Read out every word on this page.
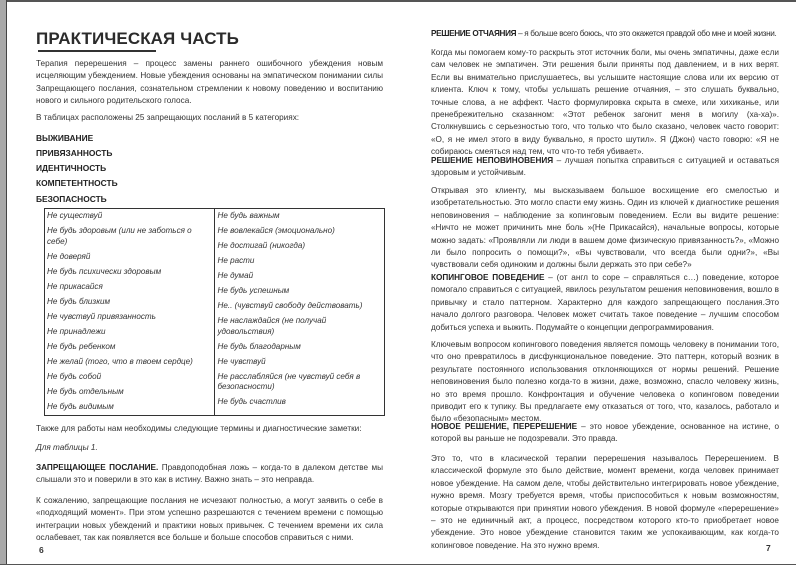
ПРАКТИЧЕСКАЯ ЧАСТЬ
Терапия перерешения – процесс замены раннего ошибочного убеждения новым исцеляющим убеждением. Новые убеждения основаны на эмпатическом понимании силы Запрещающего послания, сознательном стремлении к новому поведению и воспитанию нового и сильного родительского голоса.
В таблицах расположены 25 запрещающих посланий в 5 категориях:
ВЫЖИВАНИЕ
ПРИВЯЗАННОСТЬ
ИДЕНТИЧНОСТЬ
КОМПЕТЕНТНОСТЬ
БЕЗОПАСНОСТЬ
Не существуй
Не будь здоровым (или не заботься о себе)
Не доверяй
Не будь психически здоровым
Не прикасайся
Не будь близким
Не чувствуй привязанность
Не принадлежи
Не будь ребенком
Не желай (того, что в твоем сердце)
Не будь собой
Не будь отдельным
Не будь видимым
Не будь важным
Не вовлекайся (эмоционально)
Не достигай (никогда)
Не расти
Не думай
Не будь успешным
Не.. (чувствуй свободу действовать)
Не наслаждайся (не получай удовольствия)
Не будь благодарным
Не чувствуй
Не расслабляйся (не чувствуй себя в безопасности)
Не будь счастлив
Также для работы нам необходимы следующие термины и диагностические заметки:
Для таблицы 1.
ЗАПРЕЩАЮЩЕЕ ПОСЛАНИЕ. Правдоподобная ложь – когда-то в далеком детстве мы слышали это и поверили в это как в истину. Важно знать – это неправда.
К сожалению, запрещающие послания не исчезают полностью, а могут заявить о себе в «подходящий момент». При этом успешно разрешаются с течением времени с помощью интеграции новых убеждений и практики новых привычек. С течением времени их сила ослабевает, так как появляется все больше и больше способов справиться с ними.
6
РЕШЕНИЕ ОТЧАЯНИЯ – я больше всего боюсь, что это окажется правдой обо мне и моей жизни.
Когда мы помогаем кому-то раскрыть этот источник боли, мы очень эмпатичны, даже если сам человек не эмпатичен. Эти решения были приняты под давлением, и в них верят. Если вы внимательно прислушаетесь, вы услышите настоящие слова или их версию от клиента. Ключ к тому, чтобы услышать решение отчаяния, – это слушать буквально, точные слова, а не аффект. Часто формулировка скрыта в смехе, или хихиканье, или пренебрежительно сказанном: «Этот ребенок загонит меня в могилу (ха-ха)». Столкнувшись с серьезностью того, что только что было сказано, человек часто говорит: «О, я не имел этого в виду буквально, я просто шутил». Я (Джон) часто говорю: «Я не собираюсь смеяться над тем, что что-то тебя убивает».
РЕШЕНИЕ НЕПОВИНОВЕНИЯ – лучшая попытка справиться с ситуацией и оставаться здоровым и устойчивым.
Открывая это клиенту, мы высказываем большое восхищение его смелостью и изобретательностью. Это могло спасти ему жизнь. Один из ключей к диагностике решения неповиновения – наблюдение за копинговым поведением. Если вы видите решение: «Ничто не может причинить мне боль »(Не Прикасайся), начальные вопросы, которые можно задать: «Проявляли ли люди в вашем доме физическую привязанность?», «Можно ли было попросить о помощи?», «Вы чувствовали, что всегда были одни?», «Вы чувствовали себя одиноким и должны были держать это при себе?»
КОПИНГОВОЕ ПОВЕДЕНИЕ – (от англ to cope – справляться с…) поведение, которое помогало справиться с ситуацией, явилось результатом решения неповиновения, вошло в привычку и стало паттерном. Характерно для каждого запрещающего послания.Это начало долгого разговора. Человек может считать такое поведение – лучшим способом добиться успеха и выжить. Подумайте о концепции депрограммирования.
Ключевым вопросом копингового поведения является помощь человеку в понимании того, что оно превратилось в дисфункциональное поведение. Это паттерн, который возник в результате постоянного использования отклоняющихся от нормы решений. Решение неповиновения было полезно когда-то в жизни, даже, возможно, спасло человеку жизнь, но это время прошло. Конфронтация и обучение человека о копинговом поведении приводит его к тупику. Вы предлагаете ему отказаться от того, что, казалось, работало и было «безопасным» местом.
НОВОЕ РЕШЕНИЕ, ПЕРЕРЕШЕНИЕ – это новое убеждение, основанное на истине, о которой вы раньше не подозревали. Это правда.
Это то, что в класической терапии перерешения называлось Перерешением. В классической формуле это было действие, момент времени, когда человек принимает новое убеждение. На самом деле, чтобы действительно интегрировать новое убеждение, нужно время. Мозгу требуется время, чтобы приспособиться к новым возможностям, которые открываются при принятии нового убеждения. В новой формуле «перерешение» – это не единичный акт, а процесс, посредством которого кто-то приобретает новое убеждение. Это новое убеждение становится таким же успокаивающим, как когда-то копинговое поведение. На это нужно время.	7
